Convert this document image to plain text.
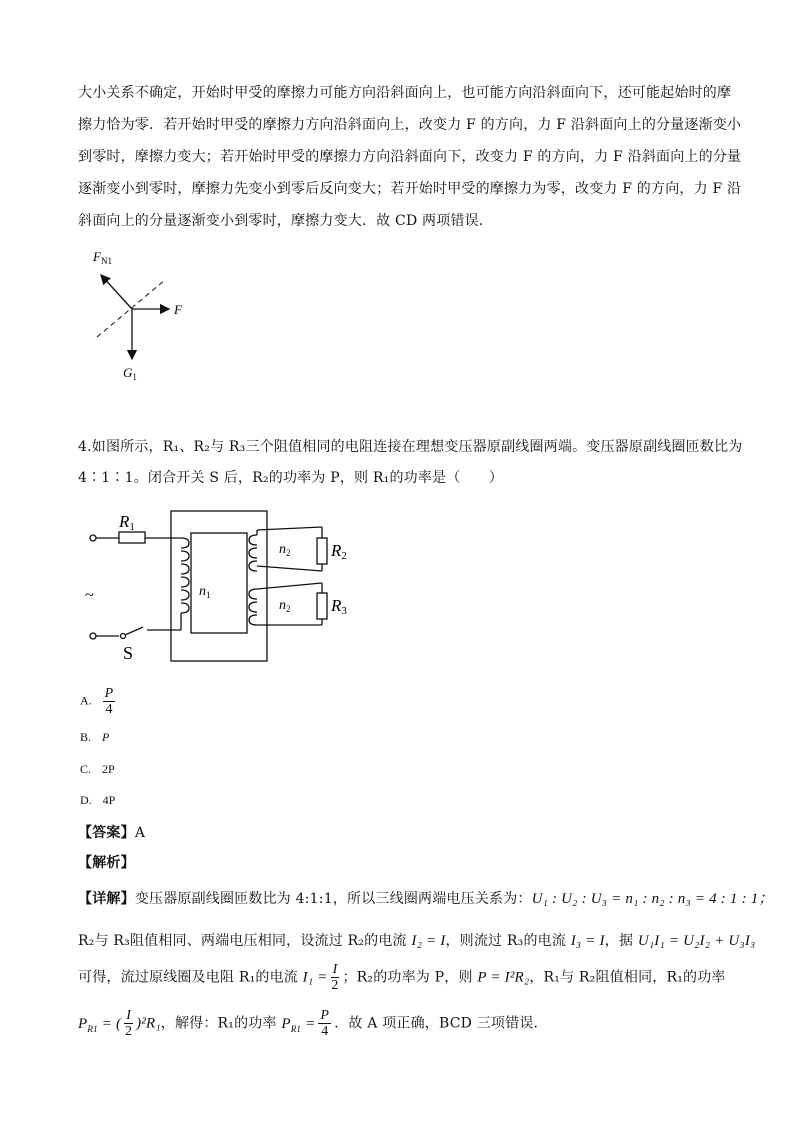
大小关系不确定，开始时甲受的摩擦力可能方向沿斜面向上，也可能方向沿斜面向下，还可能起始时的摩
擦力恰为零．若开始时甲受的摩擦力方向沿斜面向上，改变力 F 的方向，力 F 沿斜面向上的分量逐渐变小
到零时，摩擦力变大；若开始时甲受的摩擦力方向沿斜面向下，改变力 F 的方向，力 F 沿斜面向上的分量
逐渐变小到零时，摩擦力先变小到零后反向变大；若开始时甲受的摩擦力为零，改变力 F 的方向，力 F 沿
斜面向上的分量逐渐变小到零时，摩擦力变大．故 CD 两项错误．
$F_{N1}$
F
$G_1$
4.如图所示，R₁、R₂与 R₃三个阻值相同的电阻连接在理想变压器原副线圈两端。变压器原副线圈匝数比为
4∶1∶1。闭合开关 S 后，R₂的功率为 P，则 R₁的功率是（　　）
R1
$n_1$
$n_2$
$n_2$
R2
R3
~
S
A. $\frac{P}{4}$
B. P
C. 2P
D. 4P
【答案】A
【解析】
【详解】变压器原副线圈匝数比为 4:1:1，所以三线圈两端电压关系为：U₁ : U₂ : U₃ = n₁ : n₂ : n₃ = 4 : 1 : 1；
R₂与 R₃阻值相同、两端电压相同，设流过 R₂的电流 I₂ = I，则流过 R₃的电流 I₃ = I，据 U₁I₁ = U₂I₂ + U₃I₃
可得，流过原线圈及电阻 R₁的电流 $I_1 = \frac{I}{2}$ ；R₂的功率为 P，则 P = I²R₂，R₁与 R₂阻值相同，R₁的功率
$P_{R1}$ = ( $\frac{I}{2} )^2R_1$，解得：R₁的功率 $P_{R1} = \frac{P}{4}$ ．故 A 项正确，BCD 三项错误．
